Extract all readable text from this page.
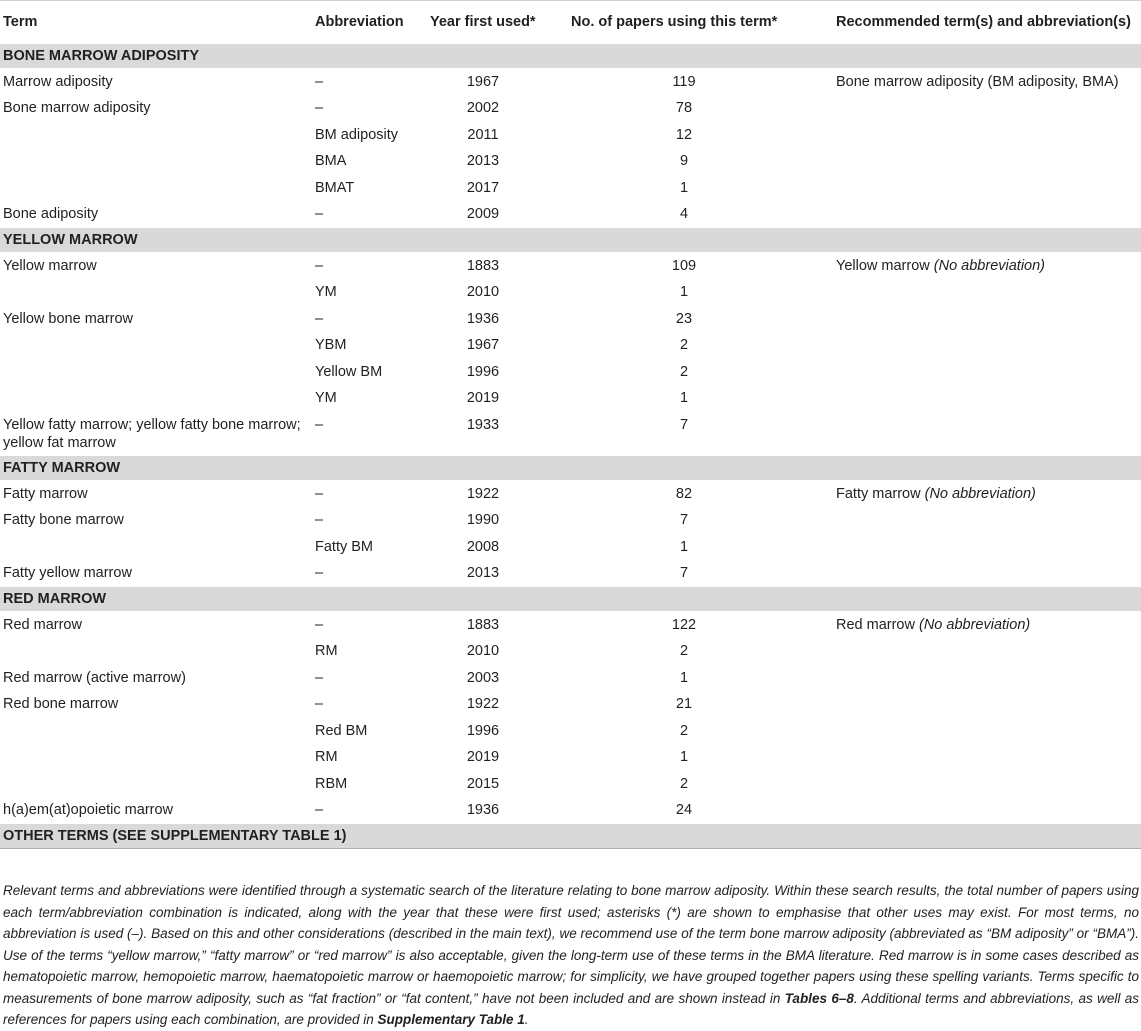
Term	Abbreviation	Year first used*	No. of papers using this term*	Recommended term(s) and abbreviation(s)
BONE MARROW ADIPOSITY				
Marrow adiposity	–	1967	119	Bone marrow adiposity (BM adiposity, BMA)
Bone marrow adiposity	–	2002	78	
	BM adiposity	2011	12	
	BMA	2013	9	
	BMAT	2017	1	
Bone adiposity	–	2009	4	
YELLOW MARROW				
Yellow marrow	–	1883	109	Yellow marrow (No abbreviation)
	YM	2010	1	
Yellow bone marrow	–	1936	23	
	YBM	1967	2	
	Yellow BM	1996	2	
	YM	2019	1	
Yellow fatty marrow; yellow fatty bone marrow; yellow fat marrow	–	1933	7	
FATTY MARROW				
Fatty marrow	–	1922	82	Fatty marrow (No abbreviation)
Fatty bone marrow	–	1990	7	
	Fatty BM	2008	1	
Fatty yellow marrow	–	2013	7	
RED MARROW				
Red marrow	–	1883	122	Red marrow (No abbreviation)
	RM	2010	2	
Red marrow (active marrow)	–	2003	1	
Red bone marrow	–	1922	21	
	Red BM	1996	2	
	RM	2019	1	
	RBM	2015	2	
h(a)em(at)opoietic marrow	–	1936	24	
OTHER TERMS (SEE SUPPLEMENTARY TABLE 1)				
Relevant terms and abbreviations were identified through a systematic search of the literature relating to bone marrow adiposity. Within these search results, the total number of papers using each term/abbreviation combination is indicated, along with the year that these were first used; asterisks (*) are shown to emphasise that other uses may exist. For most terms, no abbreviation is used (–). Based on this and other considerations (described in the main text), we recommend use of the term bone marrow adiposity (abbreviated as “BM adiposity” or “BMA”). Use of the terms “yellow marrow,” “fatty marrow” or “red marrow” is also acceptable, given the long-term use of these terms in the BMA literature. Red marrow is in some cases described as hematopoietic marrow, hemopoietic marrow, haematopoietic marrow or haemopoietic marrow; for simplicity, we have grouped together papers using these spelling variants. Terms specific to measurements of bone marrow adiposity, such as “fat fraction” or “fat content,” have not been included and are shown instead in Tables 6–8. Additional terms and abbreviations, as well as references for papers using each combination, are provided in Supplementary Table 1.
